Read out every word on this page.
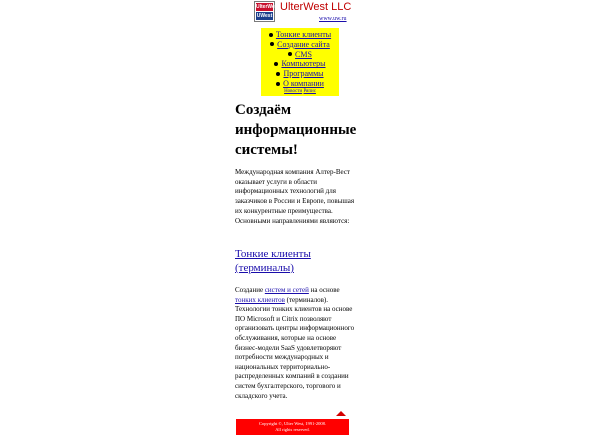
UlterWest
UWest
UlterWest LLC
www.uw.ru
Тонкие клиенты
Создание сайта
CMS
Компьютеры
Программы
О компании
Новости Ряпис
Создаём информационные системы!

Международная компания Алтер-Вест оказывает услуги в области информационных технологий для заказчиков в России и Европе, повышая их конкурентные преимущества. Основными направлениями являются:

Тонкие клиенты (терминалы)

Создание систем и сетей на основе тонких клиентов (терминалов). Технологии тонких клиентов на основе ПО Microsoft и Citrix позволяют организовать центры информационного обслуживания, которые на основе бизнес-модели SaaS удовлетворяют потребности международных и национальных территориально-распределенных компаний в создании систем бухгалтерского, торгового и складского учета.

Copyright ©, Ulter West, 1991-2008.
All rights reserved.
